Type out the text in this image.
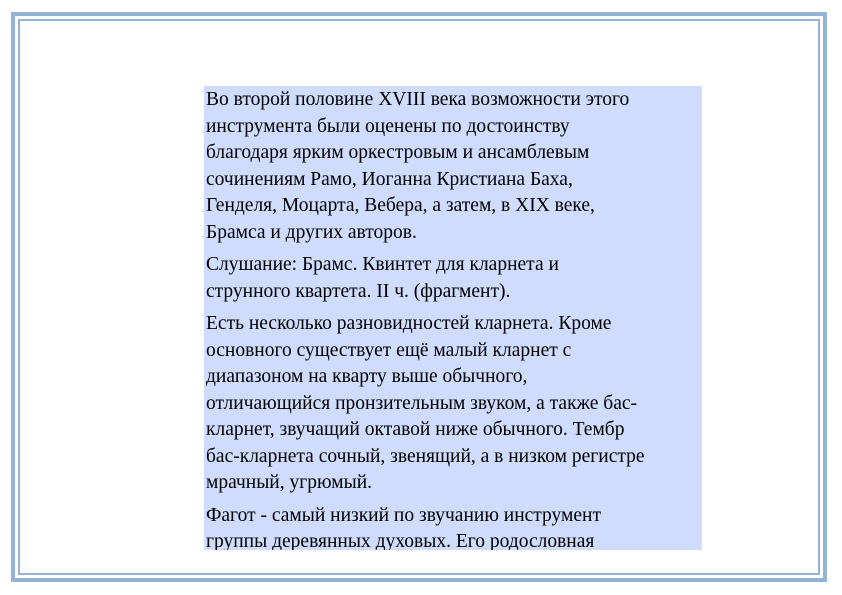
Во второй половине XVIII века возможности этого
инструмента были оценены по достоинству
благодаря ярким оркестровым и ансамблевым
сочинениям Рамо, Иоганна Кристиана Баха,
Генделя, Моцарта, Вебера, а затем, в XIX веке,
Брамса и других авторов.

Слушание: Брамс. Квинтет для кларнета и
струнного квартета. II ч. (фрагмент).

Есть несколько разновидностей кларнета. Кроме
основного существует ещё малый кларнет с
диапазоном на кварту выше обычного,
отличающийся пронзительным звуком, а также бас-
кларнет, звучащий октавой ниже обычного. Тембр
бас-кларнета сочный, звенящий, а в низком регистре
мрачный, угрюмый.

Фагот - самый низкий по звучанию инструмент
группы деревянных духовых. Его родословная
